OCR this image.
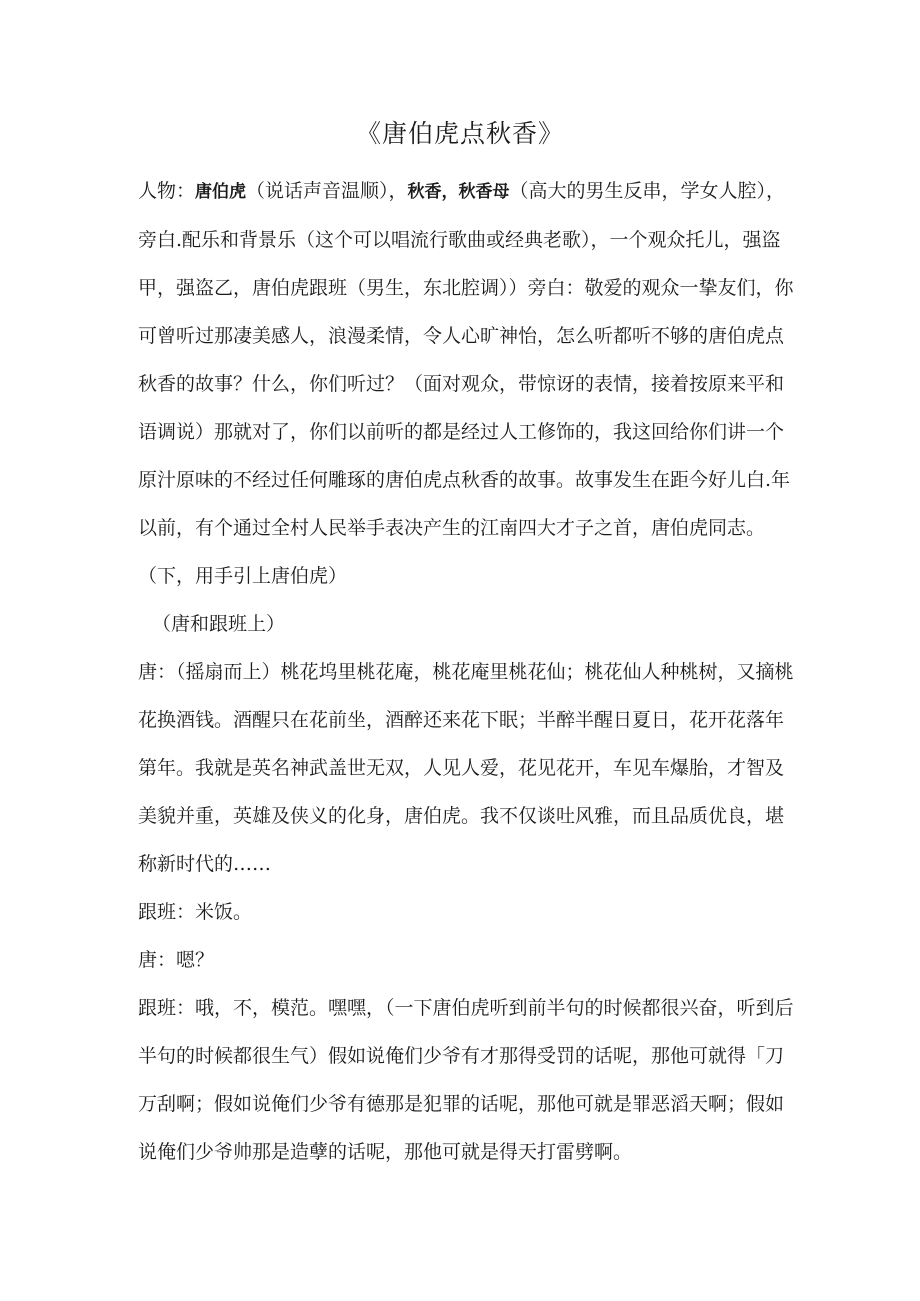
《唐伯虎点秋香》

人物：唐伯虎（说话声音温顺），秋香，秋香母（高大的男生反串，学女人腔），旁白.配乐和背景乐（这个可以唱流行歌曲或经典老歌），一个观众托儿，强盗甲，强盗乙，唐伯虎跟班（男生，东北腔调））旁白：敬爱的观众一挚友们，你可曾听过那凄美感人，浪漫柔情，令人心旷神怡，怎么听都听不够的唐伯虎点秋香的故事？什么，你们听过？（面对观众，带惊讶的表情，接着按原来平和语调说）那就对了，你们以前听的都是经过人工修饰的，我这回给你们讲一个原汁原味的不经过任何雕琢的唐伯虎点秋香的故事。故事发生在距今好儿白.年以前，有个通过全村人民举手表决产生的江南四大才子之首，唐伯虎同志。（下，用手引上唐伯虎）

（唐和跟班上）

唐：（摇扇而上）桃花坞里桃花庵，桃花庵里桃花仙；桃花仙人种桃树，又摘桃花换酒钱。酒醒只在花前坐，酒醉还来花下眠；半醉半醒日夏日，花开花落年第年。我就是英名神武盖世无双，人见人爱，花见花开，车见车爆胎，才智及美貌并重，英雄及侠义的化身，唐伯虎。我不仅谈吐风雅，而且品质优良，堪称新时代的……

跟班：米饭。

唐：嗯？

跟班：哦，不，模范。嘿嘿，（一下唐伯虎听到前半句的时候都很兴奋，听到后半句的时候都很生气）假如说俺们少爷有才那得受罚的话呢，那他可就得「刀万刮啊；假如说俺们少爷有德那是犯罪的话呢，那他可就是罪恶滔天啊；假如说俺们少爷帅那是造孽的话呢，那他可就是得天打雷劈啊。
